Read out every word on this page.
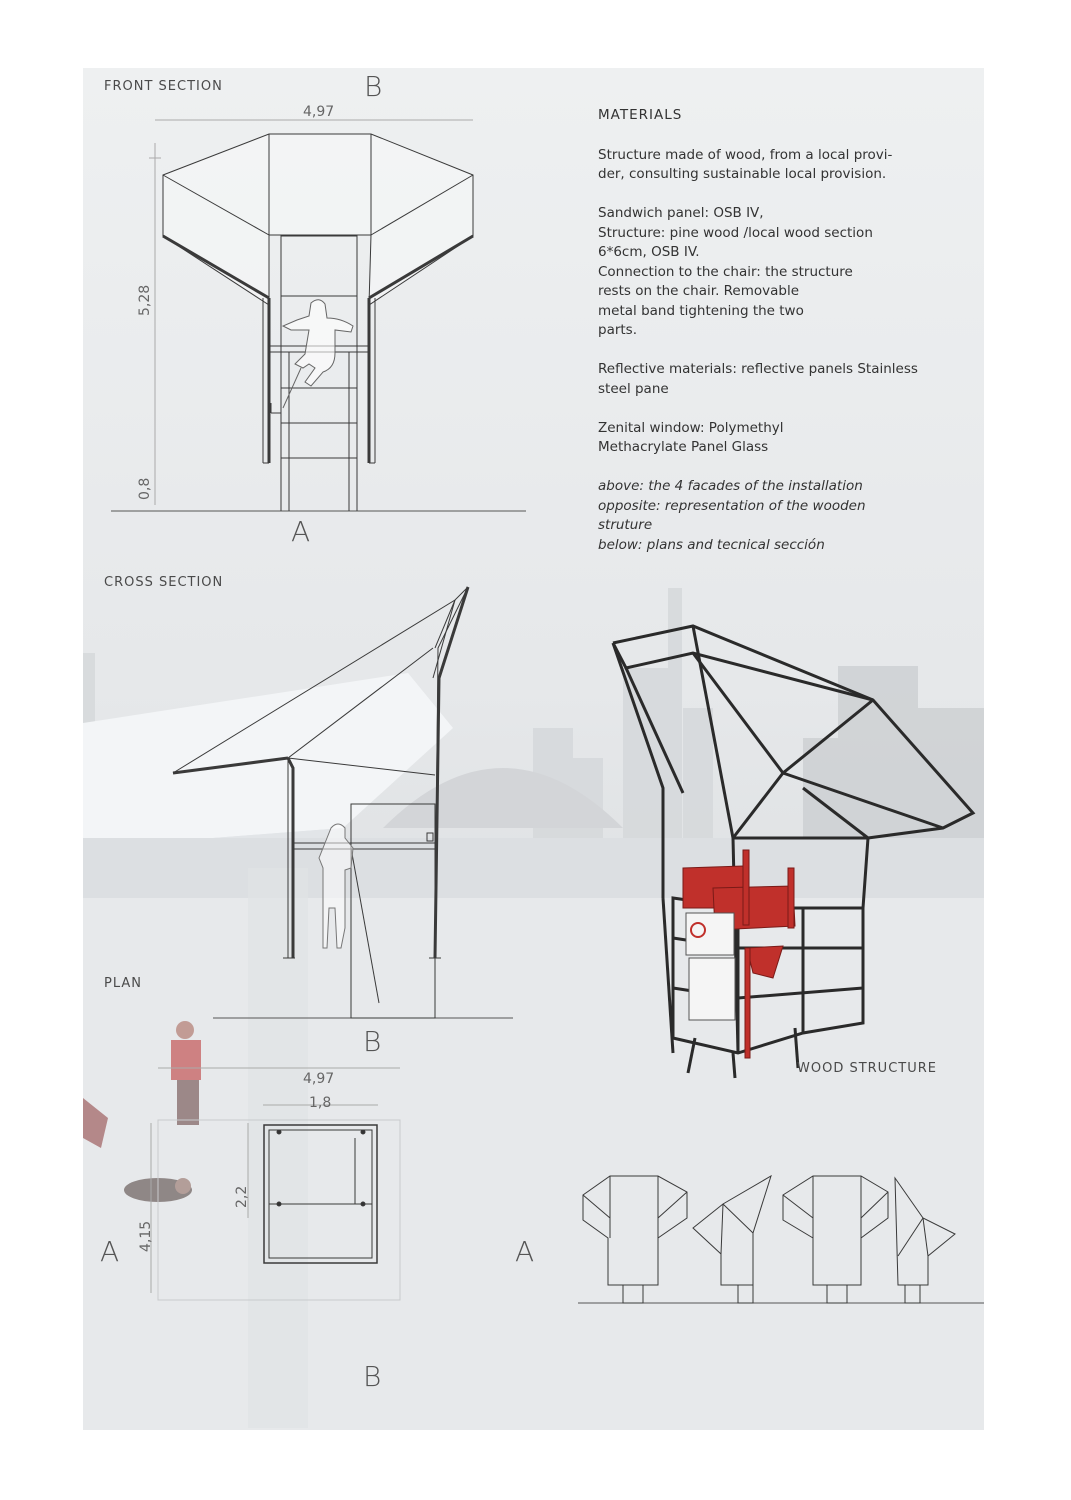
FRONT SECTION
CROSS SECTION
PLAN
WOOD STRUCTURE
B
A
B
A	A
B
4,97
5,28
0,8
4,97
1,8
2,2
4,15

MATERIALS

Structure made of wood, from a local provi-
der, consulting sustainable local provision.

Sandwich panel: OSB IV,
Structure: pine wood /local wood section
6*6cm, OSB IV.
Connection to the chair: the structure
rests on the chair. Removable
metal band tightening the two
parts.

Reflective materials: reflective panels Stainless
steel pane

Zenital window: Polymethyl
Methacrylate Panel Glass

above: the 4 facades of the installation
opposite: representation of the wooden
struture
below: plans and tecnical sección
